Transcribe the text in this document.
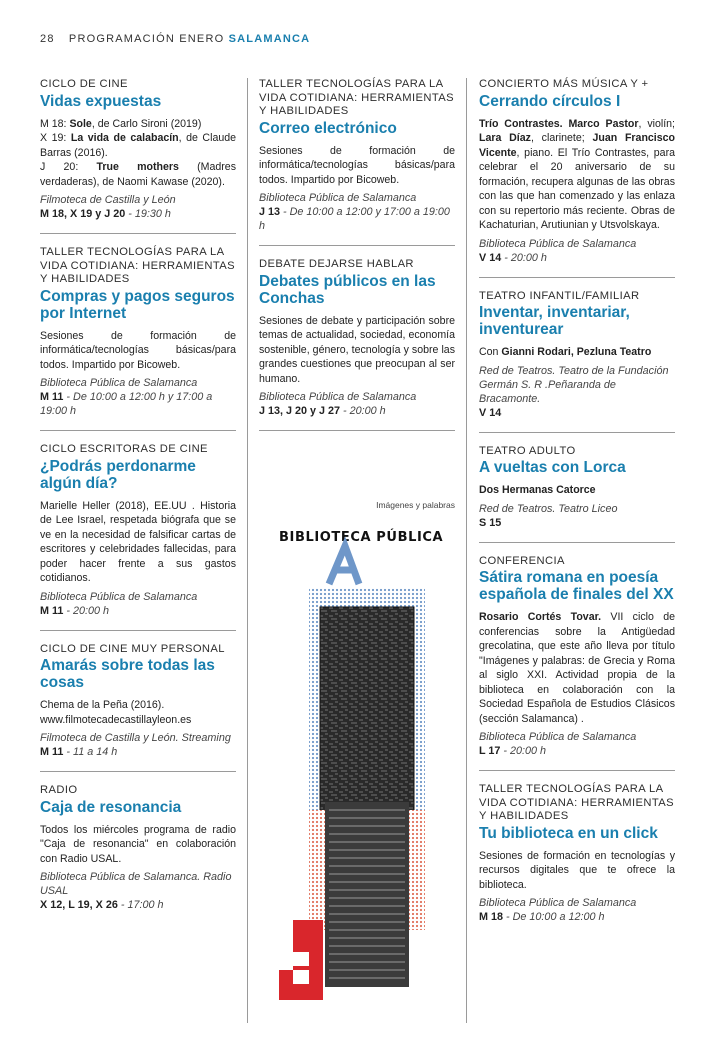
28 PROGRAMACIÓN ENERO SALAMANCA
CICLO DE CINE
Vidas expuestas
M 18: Sole, de Carlo Sironi (2019)
X 19: La vida de calabacín, de Claude Barras (2016).
J 20: True mothers (Madres verdaderas), de Naomi Kawase (2020).
Filmoteca de Castilla y León
M 18, X 19 y J 20 - 19:30 h
TALLER TECNOLOGÍAS PARA LA VIDA COTIDIANA: HERRAMIENTAS Y HABILIDADES
Compras y pagos seguros por Internet
Sesiones de formación de informática/tecnologías básicas/para todos. Impartido por Bicoweb.
Biblioteca Pública de Salamanca
M 11 - De 10:00 a 12:00 h y 17:00 a 19:00 h
CICLO ESCRITORAS DE CINE
¿Podrás perdonarme algún día?
Marielle Heller (2018), EE.UU . Historia de Lee Israel, respetada biógrafa que se ve en la necesidad de falsificar cartas de escritores y celebridades fallecidas, para poder hacer frente a sus gastos cotidianos.
Biblioteca Pública de Salamanca
M 11 - 20:00 h
CICLO DE CINE MUY PERSONAL
Amarás sobre todas las cosas
Chema de la Peña (2016).
www.filmotecadecastillayleon.es
Filmoteca de Castilla y León. Streaming
M 11 - 11 a 14 h
RADIO
Caja de resonancia
Todos los miércoles programa de radio "Caja de resonancia" en colaboración con Radio USAL.
Biblioteca Pública de Salamanca. Radio USAL
X 12, L 19, X 26 - 17:00 h
TALLER TECNOLOGÍAS PARA LA VIDA COTIDIANA: HERRAMIENTAS Y HABILIDADES
Correo electrónico
Sesiones de formación de informática/tecnologías básicas/para todos. Impartido por Bicoweb.
Biblioteca Pública de Salamanca
J 13 - De 10:00 a 12:00 y 17:00 a 19:00 h
DEBATE DEJARSE HABLAR
Debates públicos en las Conchas
Sesiones de debate y participación sobre temas de actualidad, sociedad, economía sostenible, género, tecnología y sobre las grandes cuestiones que preocupan al ser humano.
Biblioteca Pública de Salamanca
J 13, J 20 y J 27 - 20:00 h
CONCIERTO MÁS MÚSICA Y +
Cerrando círculos I
Trío Contrastes. Marco Pastor, violín; Lara Díaz, clarinete; Juan Francisco Vicente, piano. El Trío Contrastes, para celebrar el 20 aniversario de su formación, recupera algunas de las obras con las que han comenzado y las enlaza con su repertorio más reciente. Obras de Kachaturian, Arutiunian y Utsvolskaya.
Biblioteca Pública de Salamanca
V 14 - 20:00 h
TEATRO INFANTIL/FAMILIAR
Inventar, inventariar, inventurear
Con Gianni Rodari, Pezluna Teatro
Red de Teatros. Teatro de la Fundación Germán S. R .Peñaranda de Bracamonte.
V 14
TEATRO ADULTO
A vueltas con Lorca
Dos Hermanas Catorce
Red de Teatros. Teatro Liceo
S 15
CONFERENCIA
Sátira romana en poesía española de finales del XX
Rosario Cortés Tovar. VII ciclo de conferencias sobre la Antigüedad grecolatina, que este año lleva por título "Imágenes y palabras: de Grecia y Roma al siglo XXI. Actividad propia de la biblioteca en colaboración con la Sociedad Española de Estudios Clásicos (sección Salamanca) .
Biblioteca Pública de Salamanca
L 17 - 20:00 h
TALLER TECNOLOGÍAS PARA LA VIDA COTIDIANA: HERRAMIENTAS Y HABILIDADES
Tu biblioteca en un click
Sesiones de formación en tecnologías y recursos digitales que te ofrece la biblioteca.
Biblioteca Pública de Salamanca
M 18 - De 10:00 a 12:00 h
Imágenes y palabras
BIBLIOTECA PÚBLICA
